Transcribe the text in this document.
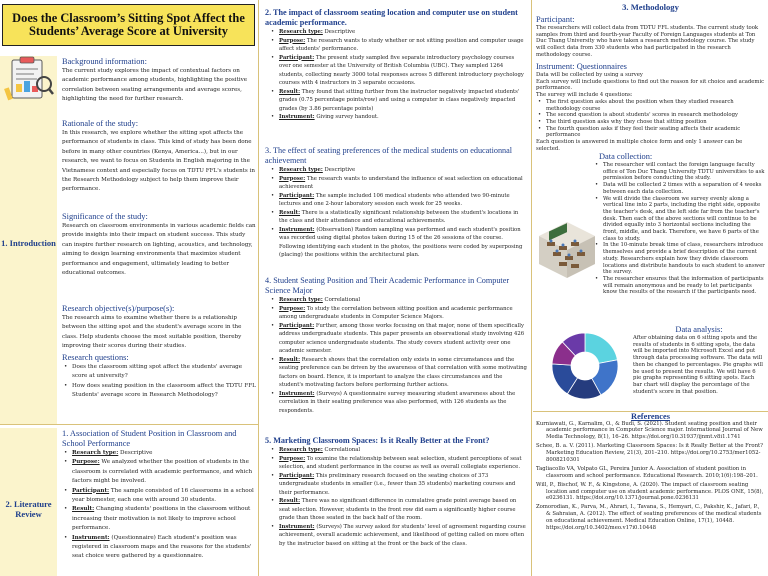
Does the Classroom’s Sitting Spot Affect the Students’ Average Score at University
1. Introduction
2. Literature Review
Background information:
The current study explores the impact of contextual factors on academic performance among students, highlighting the positive correlation between seating arrangements and average scores, highlighting the need for further research.
Rationale of the study:
In this research, we explore whether the sitting spot affects the performance of students in class. This kind of study has been done before in many other countries (Kenya, America...), but in our research, we want to focus on Students in English majoring in the Vietnamese context and especially focus on TDTU FFL's students in the Research Methodology subject to help them improve their performance.
Significance of the study:
Research on classroom environments in various academic fields can provide insights into their impact on student success. This study can inspire further research on lighting, acoustics, and technology, aiming to design learning environments that maximize student performance and engagement, ultimately leading to better educational outcomes.
Research objective(s)/purpose(s):
The research aims to examine whether there is a relationship between the sitting spot and the student's average score in the class. Help students choose the most suitable position, thereby improving their scores during their studies.
Research questions:
• Does the classroom sitting spot affect the students' average score at university?
• How does seating position in the classroom affect the TDTU FFL Students' average score in Research Methodology?
1. Association of Student Position in Classroom and School Performance
• Research type: Descriptive
• Purpose: We analyzed whether the position of students in the classroom is correlated with academic performance, and which factors might be involved.
• Participant: The sample consisted of 16 classrooms in a school year biomester, each one with around 30 students.
• Result: Changing students' positions in the classroom without increasing their motivation is not likely to improve school performance.
• Instrument: (Questionnaire) Each student's position was registered in classroom maps and the reasons for the students' seat choice were gathered by a questionnaire.
2. The impact of classroom seating location and computer use on student academic performance.
• Research type: Descriptive
• Purpose: The research wants to study whether or not sitting position and computer usage affect students' performance.
• Participant: The present study sampled five separate introductory psychology courses over one semester at the University of British Columbia (UBC). They sampled 1264 students, collecting nearly 3000 total responses across 5 different introductory psychology courses with 4 instructors in 3 separate occasions.
• Result: They found that sitting further from the instructor negatively impacted students' grades (0.75 percentage points/row) and using a computer in class negatively impacted grades (by 3.86 percentage points)
• Instrument: Giving survey handout.
3. The effect of seating preferences of the medical students on educationnal achievement
• Research type: Descriptive
• Purpose: The research wants to understand the influence of seat selection on educational achievement
• Participant: The sample included 106 medical students who attended two 90-minute lectures and one 2-hour laboratory session each week for 25 weeks.
• Result: There is a statistically significant relationship between the student's locations in the class and their attendance and educational achievements.
• Instrument: (Observation) Random sampling was performed and each student's position was recorded using digital photos taken during 15 of the 26 sessions of the course. Following identifying each student in the photos, the positions were coded by superposing (placing) the positions within the architectural plan.
4. Student Seating Position and Their Academic Performance in Computer Science Major
• Research type: Correlational
• Purpose: To study the correlation between sitting position and academic performance among undergraduate students in Computer Science Majors.
• Participant: Further, among those works focusing on that major, none of them specifically address undergraduate students. This paper presents an observational study involving 426 computer science undergraduate students. The study covers student activity over one academic semester.
• Result: Research shows that the correlation only exists in some circumstances and the seating preference can be driven by the awareness of that correlation with some motivating factors on board. Hence, it is important to analyze the class circumstances and the student's motivating factors before performing further actions.
• Instrument: (Surveys) A questionnaire survey measuring student awareness about the correlation in their seating preference was also performed, with 126 students as the respondents.
5. Marketing Classroom Spaces: Is it Really Better at the Front?
• Research type: Correlational
• Purpose: To examine the relationship between seat selection, student perceptions of seat selection, and student performance in the course as well as overall collegiate experience.
• Participant: This preliminary research focused on the seating choices of 373 undergraduate students in smaller (i.e., fewer than 35 students) marketing courses and their performance.
• Result: There was no significant difference in cumulative grade point average based on seat selection. However, students in the front row did earn a significantly higher course grade than those seated in the back half of the room.
• Instrument: (Surveys) The survey asked for students' level of agreement regarding course achievement, overall academic achievement, and likelihood of getting called on more often by the instructor based on sitting at the front or the back of the class.
3. Methodology
Participant:
The researchers will collect data from TDTU FFL students. The current study took samples from third and fourth-year Faculty of Foreign Languages students at Ton Duc Thang University who have taken a research methodology course. The study will collect data from 330 students who had participated in the research methodology course.
Instrument: Questionnaires
Data will be collected by using a survey
Each survey will include questions to find out the reason for sit choice and academic performance.
The survey will include 4 questions:
• The first question asks about the position when they studied research methodology course
• The second question is about students' scores in research methodology
• The third question asks why they chose that sitting position
• The fourth question asks if they feel their seating affects their academic performance
Each question is answered in multiple choice form and only 1 answer can be selected.
Data collection:
• The researcher will contact the foreign language faculty office of Ton Duc Thang University TDTU universities to ask permission before conducting the study.
• Data will be collected 2 times with a separation of 4 weeks between each data collection.
• We will divide the classroom we survey evenly along a vertical line into 2 parts, including the right side, opposite the teacher's desk, and the left side far from the teacher's desk. Then each of the above sections will continue to be divided equally into 3 horizontal sections including the front, middle, and back. Therefore, we have 6 parts of the class to study.
• In the 10-minute break time of class, researchers introduce themselves and provide a brief description of the current study. Researchers explain how they divide classroom locations and distribute handouts to each student to answer the survey.
• The researcher ensures that the information of participants will remain anonymous and be ready to let participants know the results of the research if the participants need.
Data analysis:
After obtaining data on 6 sitting spots and the results of students in 6 sitting spots, the data will be imported into Microsoft Excel and put through data processing software. The data will then be changed to percentages. Pie graphs will be used to present the results. We will have 6 pie graphs representing 6 sitting spots. Each bar chart will display the percentage of the student's score in that position.
References
Kurniawati, G., Karnalim, O., & Budi, S. (2021). Student seating position and their academic performance in Computer Science major. International Journal of New Media Technology, 8(1), 16–26. https://doi.org/10.31937/ijnmt.v8i1.1741
Schee, B. a. V. (2011). Marketing Classroom Spaces: Is it Really Better at the Front? Marketing Education Review, 21(3), 201–210. https://doi.org/10.2753/mer1052-8008210301
Tagliacollo VA, Volpato GL, Pereira Junior A. Association of student position in classroom and school performance. Educational Research. 2010;1(6):198–201.
Will, P., Bischof, W. F., & Kingstone, A. (2020). The impact of classroom seating location and computer use on student academic performance. PLOS ONE, 15(8), e0236131. https://doi.org/10.1371/journal.pone.0236131
Zomorodian, K., Parva, M., Ahrari, I., Tavana, S., Hemyari, C., Pakshir, K., Jafari, P., & Sahraian, A. (2012). The effect of seating preferences of the medical students on educational achievement. Medical Education Online, 17(1), 10448. https://doi.org/10.3402/meo.v17i0.10448
